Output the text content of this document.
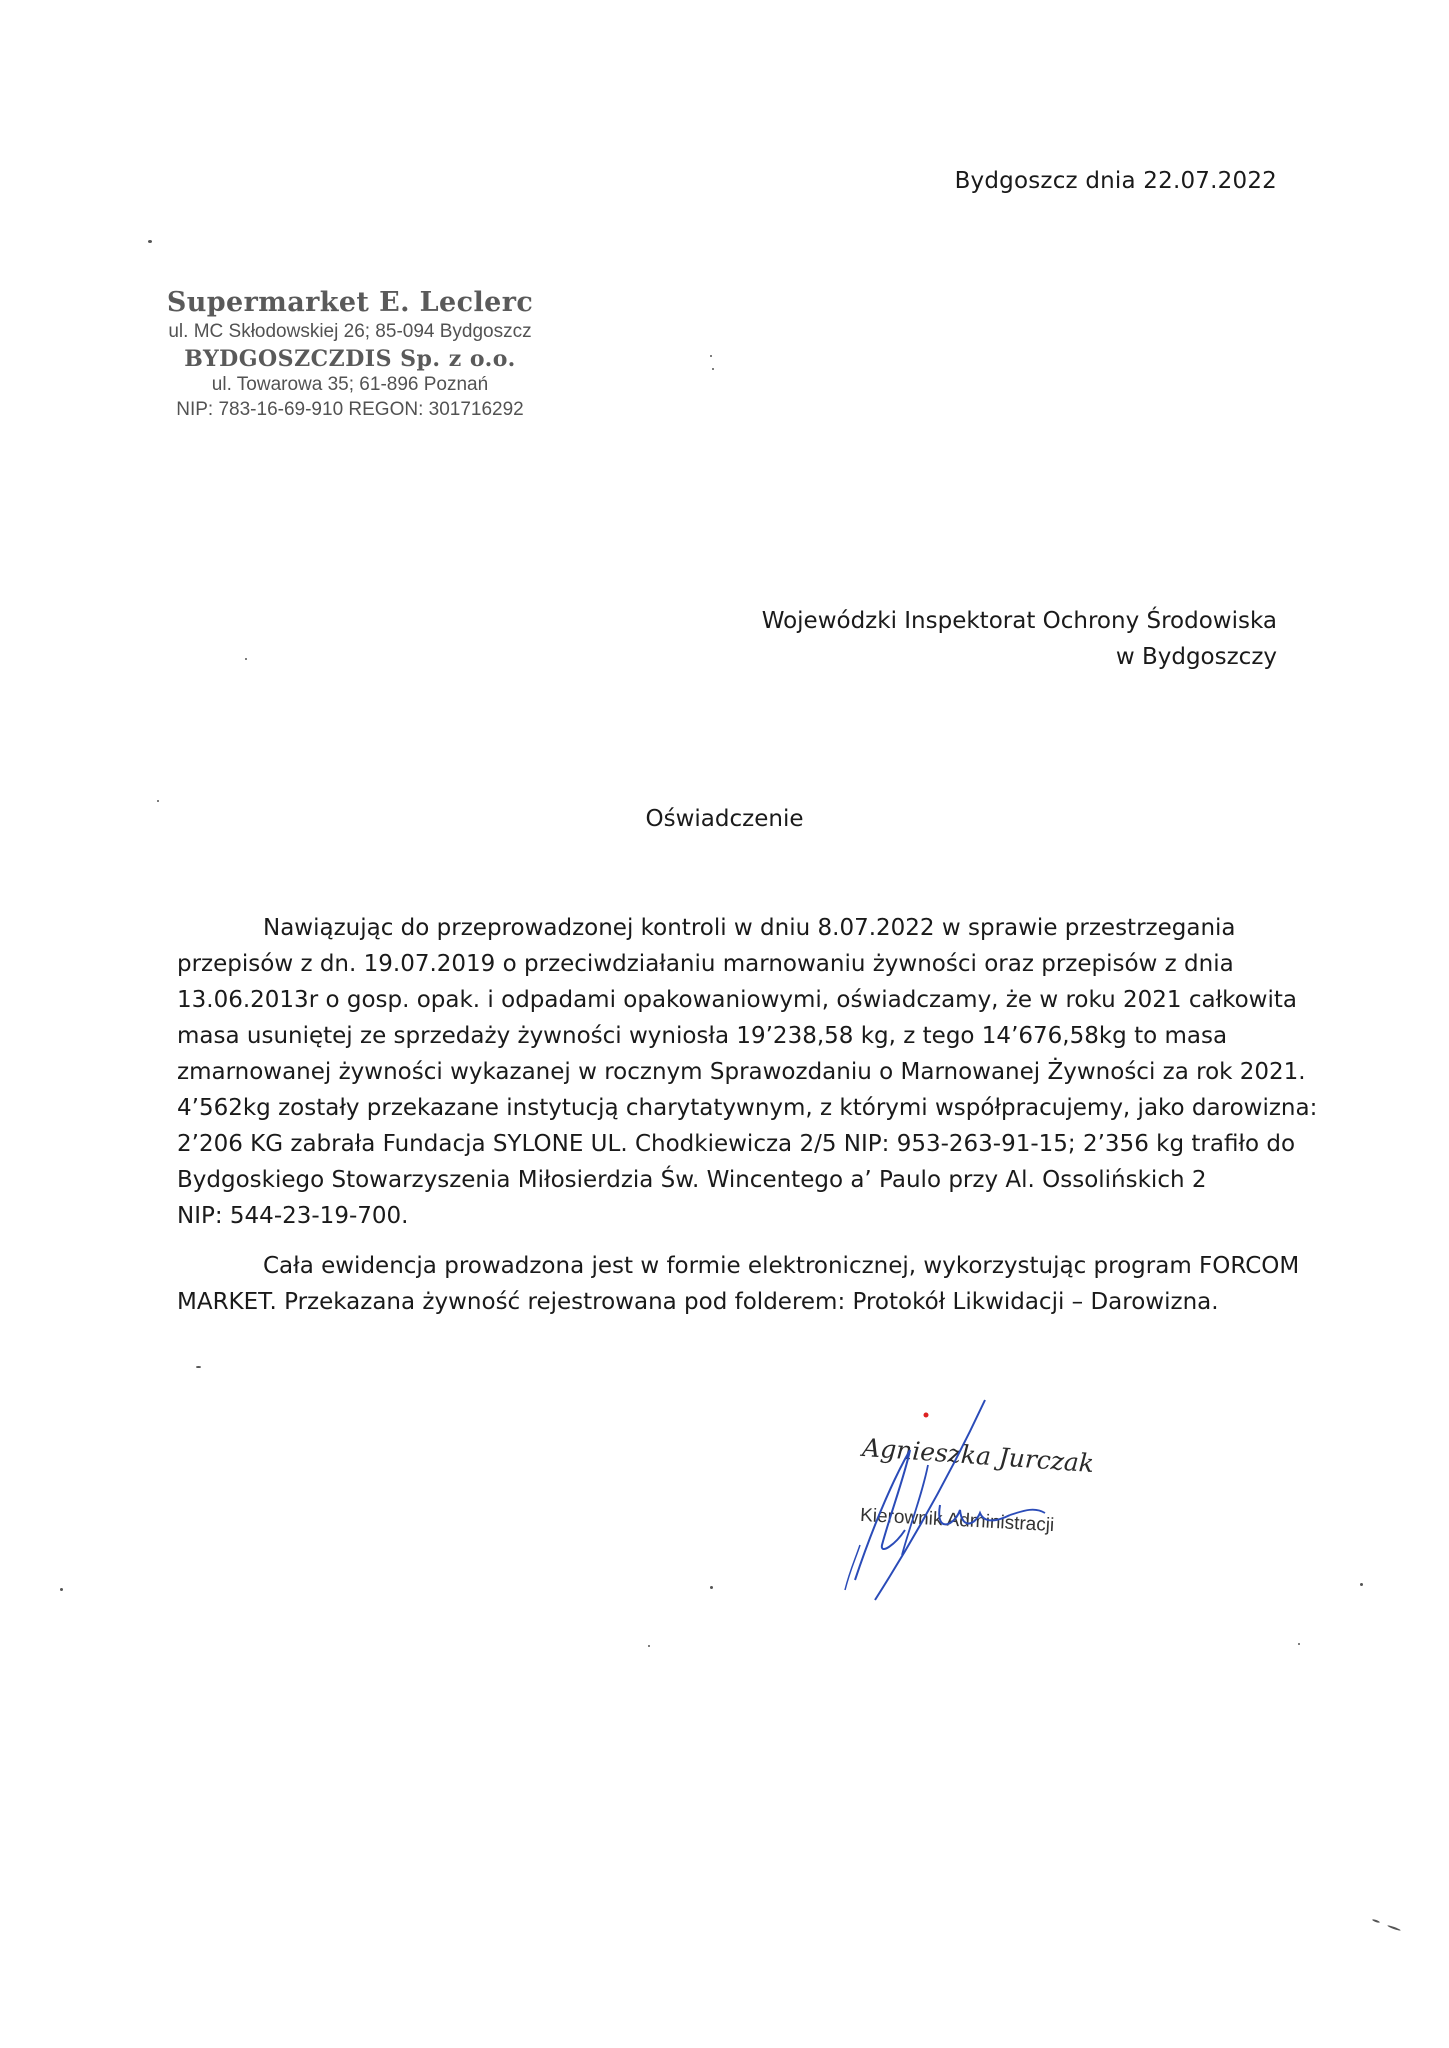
Bydgoszcz dnia 22.07.2022
Supermarket E. Leclerc
ul. MC Skłodowskiej 26; 85-094 Bydgoszcz
BYDGOSZCZDIS Sp. z o.o.
ul. Towarowa 35; 61-896 Poznań
NIP: 783-16-69-910 REGON: 301716292
Wojewódzki Inspektorat Ochrony Środowiska
w Bydgoszczy
Oświadczenie

Nawiązując do przeprowadzonej kontroli w dniu 8.07.2022 w sprawie przestrzegania
przepisów z dn. 19.07.2019 o przeciwdziałaniu marnowaniu żywności oraz przepisów z dnia
13.06.2013r o gosp. opak. i odpadami opakowaniowymi, oświadczamy, że w roku 2021 całkowita
masa usuniętej ze sprzedaży żywności wyniosła 19’238,58 kg, z tego 14’676,58kg to masa
zmarnowanej żywności wykazanej w rocznym Sprawozdaniu o Marnowanej Żywności za rok 2021.
4’562kg zostały przekazane instytucją charytatywnym, z którymi współpracujemy, jako darowizna:
2’206 KG zabrała Fundacja SYLONE UL. Chodkiewicza 2/5 NIP: 953-263-91-15; 2’356 kg trafiło do
Bydgoskiego Stowarzyszenia Miłosierdzia Św. Wincentego a’ Paulo przy Al. Ossolińskich 2
NIP: 544-23-19-700.

Cała ewidencja prowadzona jest w formie elektronicznej, wykorzystując program FORCOM
MARKET. Przekazana żywność rejestrowana pod folderem: Protokół Likwidacji – Darowizna.

Agnieszka Jurczak
Kierownik Administracji
